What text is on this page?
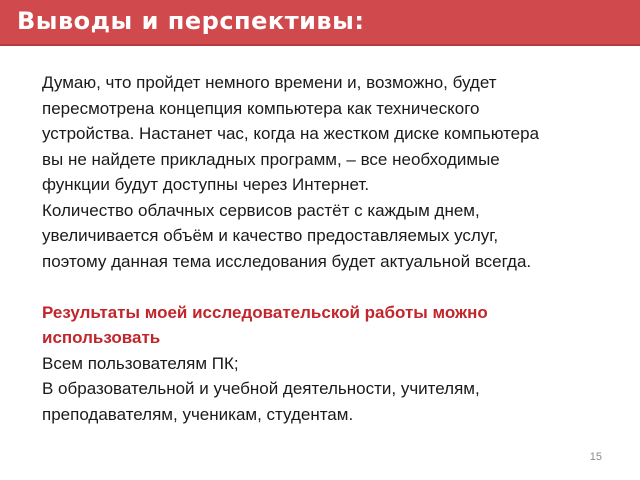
Выводы и перспективы:

Думаю, что пройдет немного времени и, возможно, будет
пересмотрена концепция компьютера как технического
устройства. Настанет час, когда на жестком диске компьютера
вы не найдете прикладных программ, – все необходимые
функции будут доступны через Интернет.

Количество облачных сервисов растёт с каждым днем,
увеличивается объём и качество предоставляемых услуг,
поэтому данная тема исследования будет актуальной всегда.

Результаты моей исследовательской работы можно
использовать

Всем пользователям ПК;

В образовательной и учебной деятельности, учителям,
преподавателям, ученикам, студентам.

15
